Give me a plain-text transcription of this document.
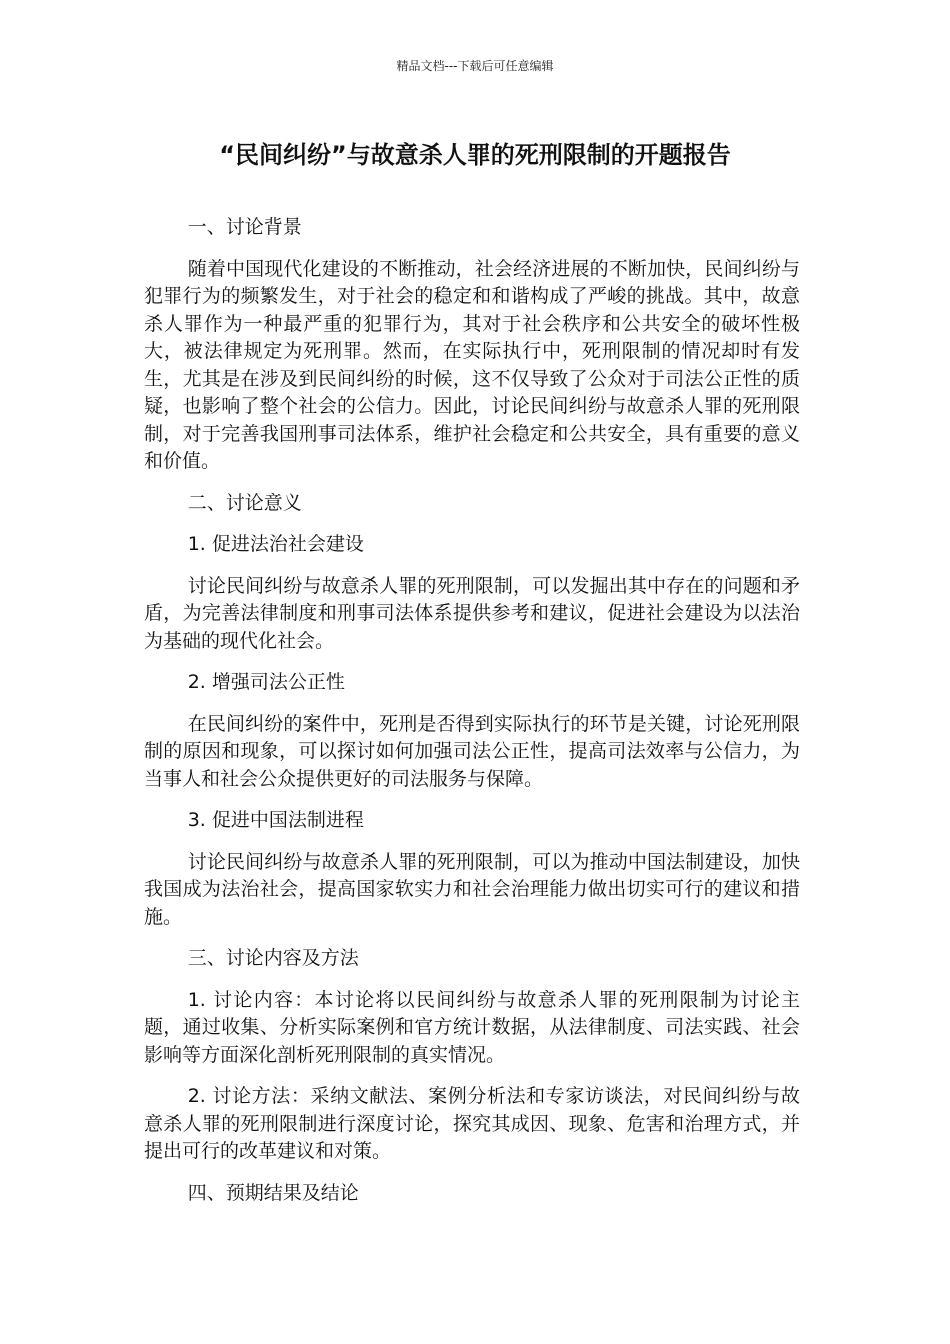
精品文档---下载后可任意编辑
“民间纠纷”与故意杀人罪的死刑限制的开题报告

一、讨论背景

随着中国现代化建设的不断推动，社会经济进展的不断加快，民间纠纷与犯罪行为的频繁发生，对于社会的稳定和和谐构成了严峻的挑战。其中，故意杀人罪作为一种最严重的犯罪行为，其对于社会秩序和公共安全的破坏性极大，被法律规定为死刑罪。然而，在实际执行中，死刑限制的情况却时有发生，尤其是在涉及到民间纠纷的时候，这不仅导致了公众对于司法公正性的质疑，也影响了整个社会的公信力。因此，讨论民间纠纷与故意杀人罪的死刑限制，对于完善我国刑事司法体系，维护社会稳定和公共安全，具有重要的意义和价值。

二、讨论意义

1. 促进法治社会建设

讨论民间纠纷与故意杀人罪的死刑限制，可以发掘出其中存在的问题和矛盾，为完善法律制度和刑事司法体系提供参考和建议，促进社会建设为以法治为基础的现代化社会。

2. 增强司法公正性

在民间纠纷的案件中，死刑是否得到实际执行的环节是关键，讨论死刑限制的原因和现象，可以探讨如何加强司法公正性，提高司法效率与公信力，为当事人和社会公众提供更好的司法服务与保障。

3. 促进中国法制进程

讨论民间纠纷与故意杀人罪的死刑限制，可以为推动中国法制建设，加快我国成为法治社会，提高国家软实力和社会治理能力做出切实可行的建议和措施。

三、讨论内容及方法

1. 讨论内容：本讨论将以民间纠纷与故意杀人罪的死刑限制为讨论主题，通过收集、分析实际案例和官方统计数据，从法律制度、司法实践、社会影响等方面深化剖析死刑限制的真实情况。

2. 讨论方法：采纳文献法、案例分析法和专家访谈法，对民间纠纷与故意杀人罪的死刑限制进行深度讨论，探究其成因、现象、危害和治理方式，并提出可行的改革建议和对策。

四、预期结果及结论
